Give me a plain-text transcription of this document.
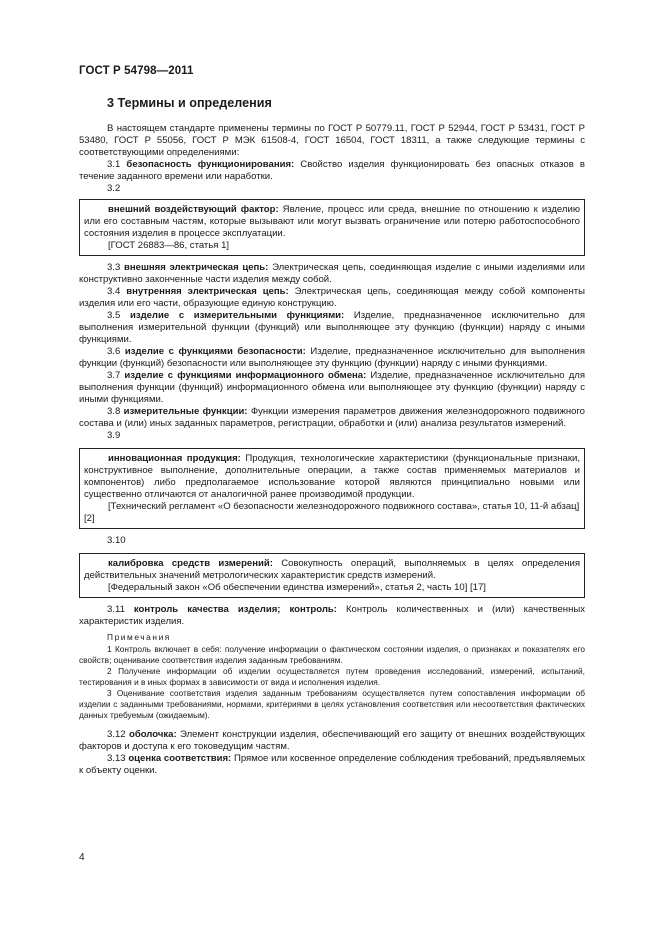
ГОСТ Р 54798—2011
3 Термины и определения

В настоящем стандарте применены термины по ГОСТ Р 50779.11, ГОСТ Р 52944, ГОСТ Р 53431, ГОСТ Р 53480, ГОСТ Р 55056, ГОСТ Р МЭК 61508-4, ГОСТ 16504, ГОСТ 18311, а также следующие термины с соответствующими определениями:

3.1 безопасность функционирования: Свойство изделия функционировать без опасных отказов в течение заданного времени или наработки.

3.2

внешний воздействующий фактор: Явление, процесс или среда, внешние по отношению к изделию или его составным частям, которые вызывают или могут вызвать ограничение или потерю работоспособного состояния изделия в процессе эксплуатации.

[ГОСТ 26883—86, статья 1]

3.3 внешняя электрическая цепь: Электрическая цепь, соединяющая изделие с иными изделиями или конструктивно законченные части изделия между собой.

3.4 внутренняя электрическая цепь: Электрическая цепь, соединяющая между собой компоненты изделия или его части, образующие единую конструкцию.

3.5 изделие с измерительными функциями: Изделие, предназначенное исключительно для выполнения измерительной функции (функций) или выполняющее эту функцию (функции) наряду с иными функциями.

3.6 изделие с функциями безопасности: Изделие, предназначенное исключительно для выполнения функции (функций) безопасности или выполняющее эту функцию (функции) наряду с иными функциями.

3.7 изделие с функциями информационного обмена: Изделие, предназначенное исключительно для выполнения функции (функций) информационного обмена или выполняющее эту функцию (функции) наряду с иными функциями.

3.8 измерительные функции: Функции измерения параметров движения железнодорожного подвижного состава и (или) иных заданных параметров, регистрации, обработки и (или) анализа результатов измерений.

3.9

инновационная продукция: Продукция, технологические характеристики (функциональные признаки, конструктивное выполнение, дополнительные операции, а также состав применяемых материалов и компонентов) либо предполагаемое использование которой являются принципиально новыми или существенно отличаются от аналогичной ранее производимой продукции.

[Технический регламент «О безопасности железнодорожного подвижного состава», статья 10, 11-й абзац] [2]

3.10

калибровка средств измерений: Совокупность операций, выполняемых в целях определения действительных значений метрологических характеристик средств измерений.

[Федеральный закон «Об обеспечении единства измерений», статья 2, часть 10] [17]

3.11 контроль качества изделия; контроль: Контроль количественных и (или) качественных характеристик изделия.

Примечания

1 Контроль включает в себя: получение информации о фактическом состоянии изделия, о признаках и показателях его свойств; оценивание соответствия изделия заданным требованиям.

2 Получение информации об изделии осуществляется путем проведения исследований, измерений, испытаний, тестирования и в иных формах в зависимости от вида и исполнения изделия.

3 Оценивание соответствия изделия заданным требованиям осуществляется путем сопоставления информации об изделии с заданными требованиями, нормами, критериями в целях установления соответствия или несоответствия фактических данных требуемым (ожидаемым).

3.12 оболочка: Элемент конструкции изделия, обеспечивающий его защиту от внешних воздействующих факторов и доступа к его токоведущим частям.

3.13 оценка соответствия: Прямое или косвенное определение соблюдения требований, предъявляемых к объекту оценки.

4
